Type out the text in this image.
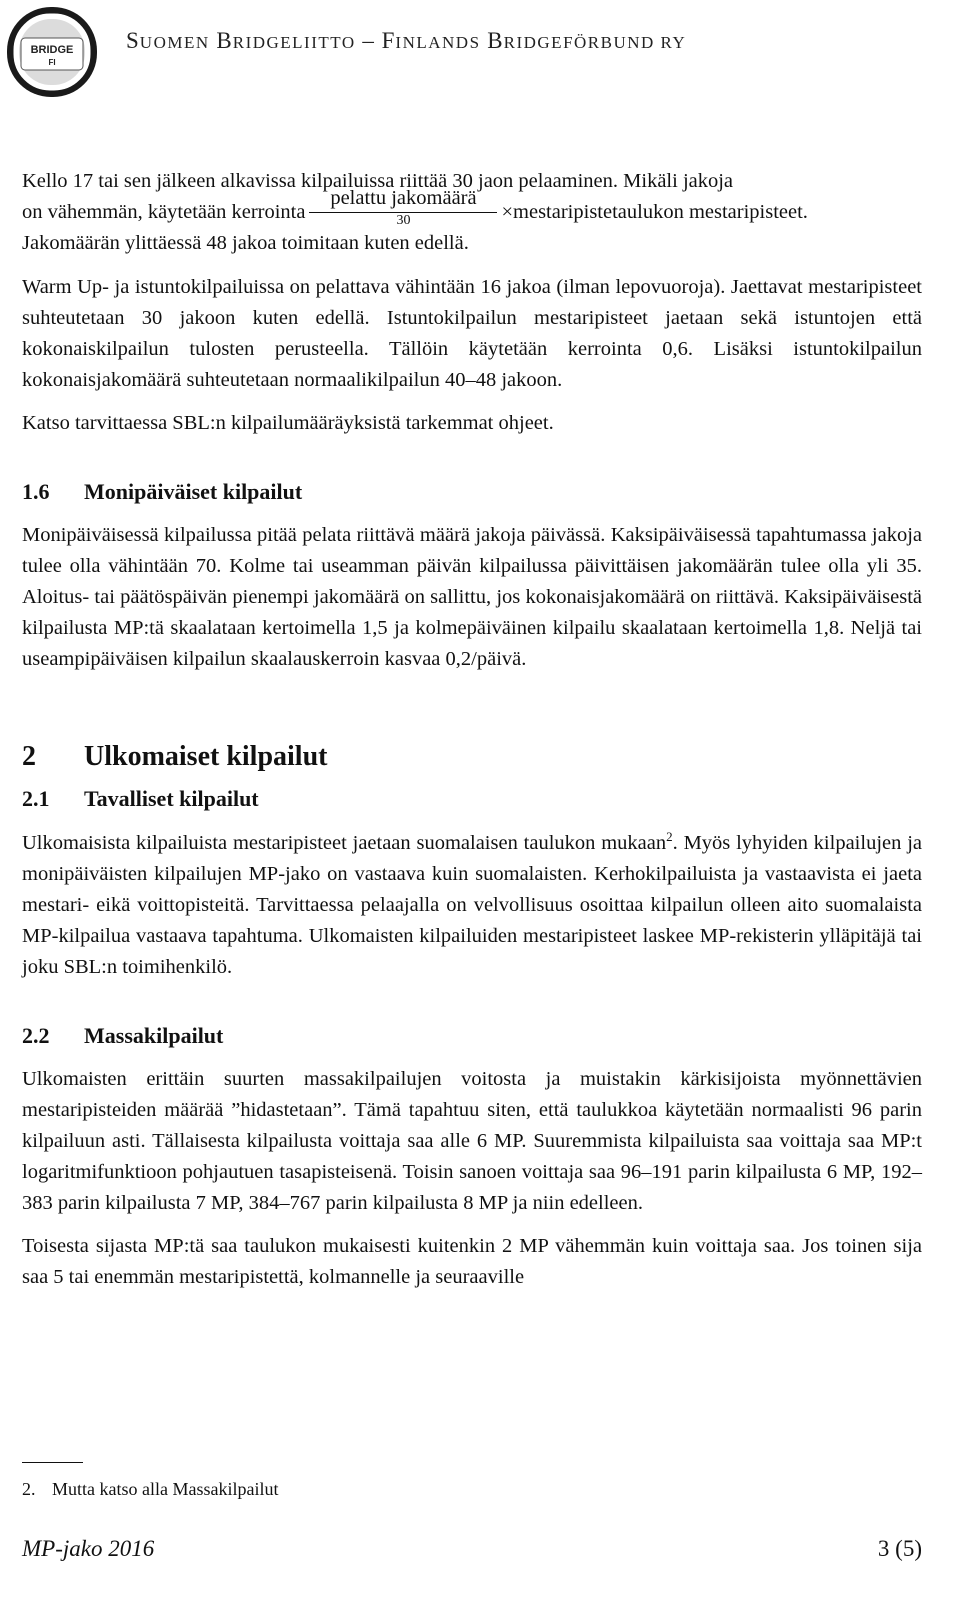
BRIDGE
FI
SUOMEN BRIDGELIITTO – FINLANDS BRIDGEFÖRBUND RY

Kello 17 tai sen jälkeen alkavissa kilpailuissa riittää 30 jaon pelaaminen. Mikäli jakoja

on vähemmän, käytetään kerrointa $\frac{\text{pelattu jakomäärä}}{30}$ ×mestaripistetaulukon mestaripisteet.

Jakomäärän ylittäessä 48 jakoa toimitaan kuten edellä.

Warm Up- ja istuntokilpailuissa on pelattava vähintään 16 jakoa (ilman lepovuoroja). Jaettavat mestaripisteet suhteutetaan 30 jakoon kuten edellä. Istuntokilpailun mestaripisteet jaetaan sekä istuntojen että kokonaiskilpailun tulosten perusteella. Tällöin käytetään kerrointa 0,6. Lisäksi istuntokilpailun kokonaisjakomäärä suhteutetaan normaalikilpailun 40–48 jakoon.

Katso tarvittaessa SBL:n kilpailumääräyksistä tarkemmat ohjeet.

1.6 Monipäiväiset kilpailut

Monipäiväisessä kilpailussa pitää pelata riittävä määrä jakoja päivässä. Kaksipäiväisessä tapahtumassa jakoja tulee olla vähintään 70. Kolme tai useamman päivän kilpailussa päivittäisen jakomäärän tulee olla yli 35. Aloitus- tai päätöspäivän pienempi jakomäärä on sallittu, jos kokonaisjakomäärä on riittävä. Kaksipäiväisestä kilpailusta MP:tä skaalataan kertoimella 1,5 ja kolmepäiväinen kilpailu skaalataan kertoimella 1,8. Neljä tai useampipäiväisen kilpailun skaalauskerroin kasvaa 0,2/päivä.

2 Ulkomaiset kilpailut
2.1 Tavalliset kilpailut

Ulkomaisista kilpailuista mestaripisteet jaetaan suomalaisen taulukon mukaan$^2$. Myös lyhyiden kilpailujen ja monipäiväisten kilpailujen MP-jako on vastaava kuin suomalaisten. Kerhokilpailuista ja vastaavista ei jaeta mestari- eikä voittopisteitä. Tarvittaessa pelaajalla on velvollisuus osoittaa kilpailun olleen aito suomalaista MP-kilpailua vastaava tapahtuma. Ulkomaisten kilpailuiden mestaripisteet laskee MP-rekisterin ylläpitäjä tai joku SBL:n toimihenkilö.

2.2 Massakilpailut

Ulkomaisten erittäin suurten massakilpailujen voitosta ja muistakin kärkisijoista myönnettävien mestaripisteiden määrää ”hidastetaan”. Tämä tapahtuu siten, että taulukkoa käytetään normaalisti 96 parin kilpailuun asti. Tällaisesta kilpailusta voittaja saa alle 6 MP. Suuremmista kilpailuista saa voittaja saa MP:t logaritmifunktioon pohjautuen tasapisteisenä. Toisin sanoen voittaja saa 96–191 parin kilpailusta 6 MP, 192–383 parin kilpailusta 7 MP, 384–767 parin kilpailusta 8 MP ja niin edelleen.

Toisesta sijasta MP:tä saa taulukon mukaisesti kuitenkin 2 MP vähemmän kuin voittaja saa. Jos toinen sija saa 5 tai enemmän mestaripistettä, kolmannelle ja seuraaville

2. Mutta katso alla Massakilpailut
MP-jako 2016	3 (5)
